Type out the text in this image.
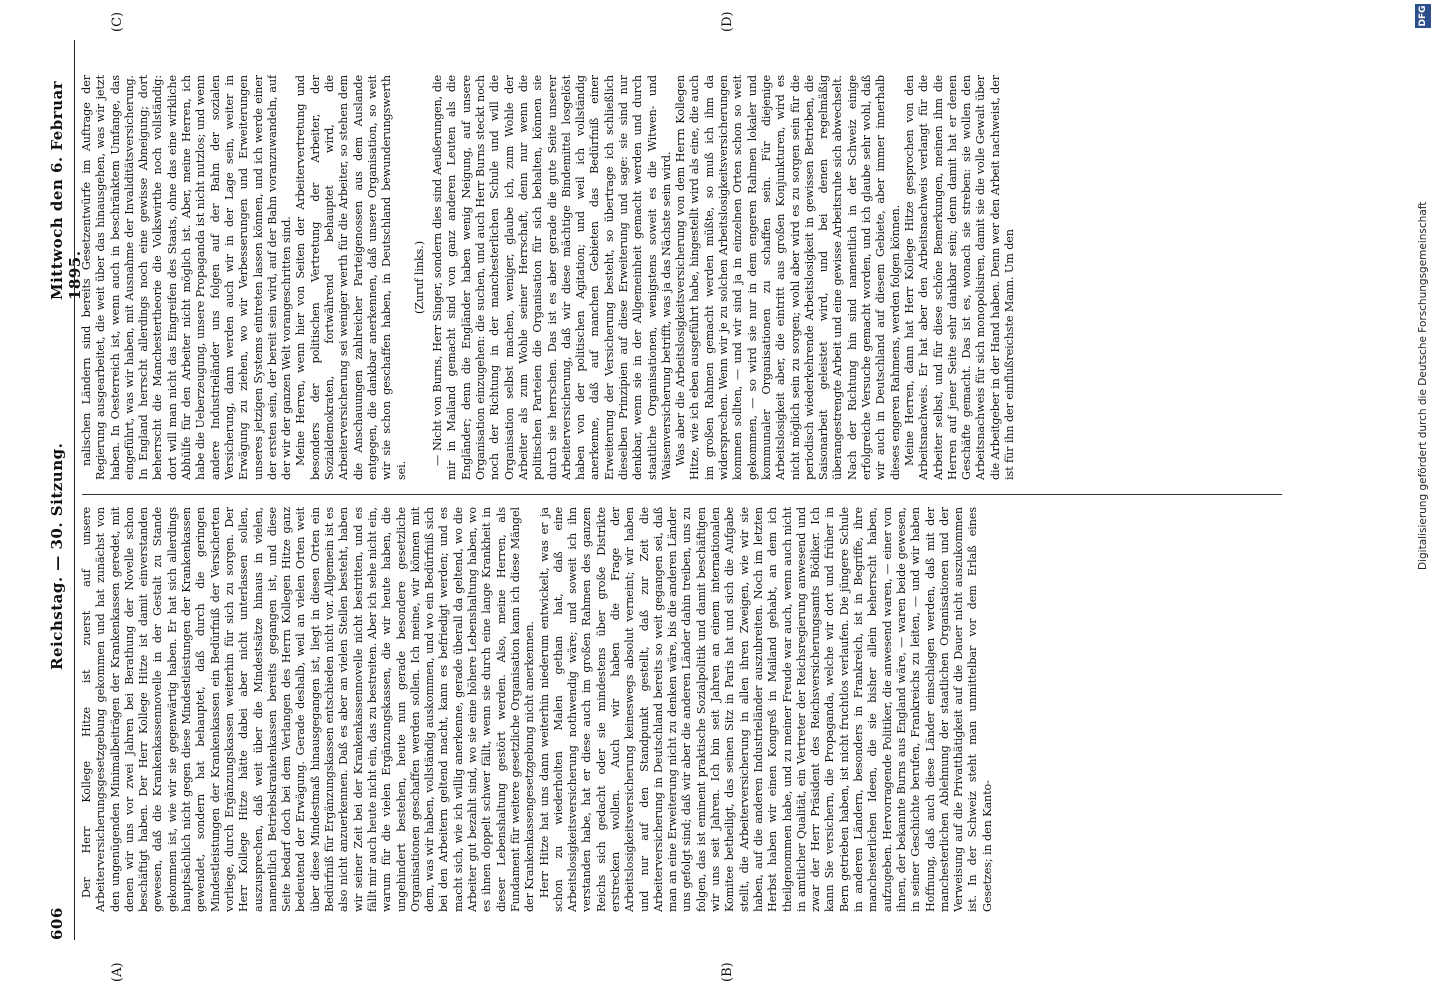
606
Reichstag. — 30. Sitzung.
Mittwoch den 6. Februar 1895.
(A)	(B)
(C)	(D)

Der Herr Kollege Hitze ist zuerst auf unsere Arbeiterversicherungsgesetzgebung gekommen und hat zunächst von den ungenügenden Minimalbeiträgen der Krankenkassen geredet, mit denen wir uns vor zwei Jahren bei Berathung der Novelle schon beschäftigt haben. Der Herr Kollege Hitze ist damit einverstanden gewesen, daß die Krankenkassennovelle in der Gestalt zu Stande gekommen ist, wie wir sie gegenwärtig haben. Er hat sich allerdings hauptsächlich nicht gegen diese Mindestleistungen der Krankenkassen gewendet, sondern hat behauptet, daß durch die geringen Mindestleistungen der Krankenkassen ein Bedürfniß der Versicherten vorliege, durch Ergänzungskassen weiterhin für sich zu sorgen. Der Herr Kollege Hitze hätte dabei aber nicht unterlassen sollen, auszusprechen, daß weit über die Mindestsätze hinaus in vielen, namentlich Betriebskrankenkassen bereits gegangen ist, und diese Seite bedarf doch bei dem Verlangen des Herrn Kollegen Hitze ganz bedeutend der Erwägung. Gerade deshalb, weil an vielen Orten weit über diese Mindestmaß hinausgegangen ist, liegt in diesen Orten ein Bedürfniß für Ergänzungskassen entschieden nicht vor. Allgemein ist es also nicht anzuerkennen. Daß es aber an vielen Stellen besteht, haben wir seiner Zeit bei der Krankenkassennovelle nicht bestritten, und es fällt mir auch heute nicht ein, das zu bestreiten. Aber ich sehe nicht ein, warum für die vielen Ergänzungskassen, die wir heute haben, die ungehindert bestehen, heute nun gerade besondere gesetzliche Organisationen geschaffen werden sollen. Ich meine, wir können mit dem, was wir haben, vollständig auskommen, und wo ein Bedürfniß sich bei den Arbeitern geltend macht, kann es befriedigt werden; und es macht sich, wie ich willig anerkenne, gerade überall da geltend, wo die Arbeiter gut bezahlt sind, wo sie eine höhere Lebenshaltung haben, wo es ihnen doppelt schwer fällt, wenn sie durch eine lange Krankheit in dieser Lebenshaltung gestört werden. Also, meine Herren, als Fundament für weitere gesetzliche Organisation kann ich diese Mängel der Krankenkassengesetzgebung nicht anerkennen. Herr Hitze hat uns dann weiterhin niederum entwickelt, was er ja schon zu wiederholten Malen gethan hat, daß eine Arbeitslosigkeitsversicherung nothwendig wäre; und soweit ich ihn verstanden habe, hat er diese auch im großen Rahmen des ganzen Reichs sich gedacht oder sie mindestens über große Distrikte erstrecken wollen. Auch wir haben die Frage der Arbeitslosigkeitsversicherung keineswegs absolut verneint; wir haben und nur auf den Standpunkt gestellt, daß zur Zeit die Arbeiterversicherung in Deutschland bereits so weit gegangen sei, daß man an eine Erweiterung nicht zu denken wäre, bis die anderen Länder uns gefolgt sind; daß wir aber die anderen Länder dahin treiben, uns zu folgen, das ist eminent praktische Sozialpolitik und damit beschäftigen wir uns seit Jahren. Ich bin seit Jahren an einem internationalen Komitee betheiligt, das seinen Sitz in Paris hat und sich die Aufgabe stellt, die Arbeiterversicherung in allen ihren Zweigen, wie wir sie haben, auf die anderen Industrieländer auszubreiten. Noch im letzten Herbst haben wir einen Kongreß in Mailand gehabt, an dem ich theilgenommen habe, und zu meiner Freude war auch, wenn auch nicht in amtlicher Qualität, ein Vertreter der Reichsregierung anwesend und zwar der Herr Präsident des Reichsversicherungsamts Bödiker. Ich kann Sie versichern, die Propaganda, welche wir dort und früher in Bern getrieben haben, ist nicht fruchtlos verlaufen. Die jüngere Schule in anderen Ländern, besonders in Frankreich, ist in Begriffe, ihre manchesterlichen Ideen, die sie bisher allein beherrscht haben, aufzugeben. Hervorragende Politiker, die anwesend waren, — einer von ihnen, der bekannte Burns aus England wäre, — waren beide gewesen, in seiner Geschichte berufen, Frankreichs zu leiten, — und wir haben Hoffnung, daß auch diese Länder einschlagen werden, daß mit der manchesterlichen Ablehnung der staatlichen Organisationen und der Verweisung auf die Privatthätigkeit auf die Dauer nicht auszukommen ist. In der Schweiz steht man unmittelbar vor dem Erlaß eines Gesetzes; in den Kanto-

nalischen Ländern sind bereits Gesetzentwürfe im Auftrage der Regierung ausgearbeitet, die weit über das hinausgehen, was wir jetzt haben. In Oesterreich ist, wenn auch in beschränktem Umfange, das eingeführt, was wir haben, mit Ausnahme der Invaliditätsversicherung. In England herrscht allerdings noch eine gewisse Abneigung; dort beherrscht die Manchestertheorie die Volkswirthe noch vollständig: dort will man nicht das Eingreifen des Staats, ohne das eine wirkliche Abhülfe für den Arbeiter nicht möglich ist. Aber, meine Herren, ich habe die Ueberzeugung, unsere Propaganda ist nicht nutzlos; und wenn andere Industrieländer uns folgen auf der Bahn der sozialen Versicherung, dann werden auch wir in der Lage sein, weiter in Erwägung zu ziehen, wo wir Verbesserungen und Erweiterungen unseres jetzigen Systems eintreten lassen können, und ich werde einer der ersten sein, der bereit sein wird, auf der Bahn voranzuwandeln, auf der wir der ganzen Welt vorangeschritten sind. Meine Herren, wenn hier von Seiten der Arbeitervertretung und besonders der politischen Vertretung der Arbeiter, der Sozialdemokraten, fortwährend behauptet wird, die Arbeiterversicherung sei weniger werth für die Arbeiter, so stehen dem die Anschauungen zahlreicher Parteigenossen aus dem Auslande entgegen, die dankbar anerkennen, daß unsere Organisation, so weit wir sie schon geschaffen haben, in Deutschland bewunderungswerth sei.

(Zuruf links.) — Nicht von Burns, Herr Singer, sondern dies sind Aeußerungen, die mir in Mailand gemacht sind von ganz anderen Leuten als die Engländer; denn die Engländer haben wenig Neigung, auf unsere Organisation einzugehen: die suchen, und auch Herr Burns steckt noch noch der Richtung in der manchesterlichen Schule und will die Organisation selbst machen, weniger, glaube ich, zum Wohle der Arbeiter als zum Wohle seiner Herrschaft, denn nur wenn die politischen Parteien die Organisation für sich behalten, können sie durch sie herrschen. Das ist es aber gerade die gute Seite unserer Arbeiterversicherung, daß wir diese mächtige Bindemittel losgelöst haben von der politischen Agitation; und weil ich vollständig anerkenne, daß auf manchen Gebieten das Bedürfniß einer Erweiterung der Versicherung besteht, so übertrage ich schließlich dieselben Prinzipien auf diese Erweiterung und sage: sie sind nur denkbar, wenn sie in der Allgemeinheit gemacht werden und durch staatliche Organisationen, wenigstens soweit es die Witwen- und Waisenversicherung betrifft, was ja das Nächste sein wird. Was aber die Arbeitslosigkeitsversicherung von dem Herrn Kollegen Hitze, wie ich eben ausgeführt habe, hingestellt wird als eine, die auch im großen Rahmen gemacht werden müßte, so muß ich ihm da widersprechen. Wenn wir je zu solchen Arbeitslosigkeitsversicherungen kommen sollten, — und wir sind ja in einzelnen Orten schon so weit gekommen, — so wird sie nur in dem engeren Rahmen lokaler und kommunaler Organisationen zu schaffen sein. Für diejenige Arbeitslosigkeit aber, die eintritt aus großen Konjunkturen, wird es nicht möglich sein zu sorgen; wohl aber wird es zu sorgen sein für die periodisch wiederkehrende Arbeitslosigkeit in gewissen Betrieben, die Saisonarbeit geleistet wird, und bei denen regelmäßig überangestrengte Arbeit und eine gewisse Arbeitsruhe sich abwechselt. Nach der Richtung hin sind namentlich in der Schweiz einige erfolgreiche Versuche gemacht worden, und ich glaube sehr wohl, daß wir auch in Deutschland auf diesem Gebiete, aber immer innerhalb dieses engeren Rahmens, werden folgen können. Meine Herren, dann hat Herr Kollege Hitze gesprochen von den Arbeitsnachweis. Er hat aber den Arbeitsnachweis verlangt für die Arbeiter selbst, und für diese schöne Bemerkungen, meinen ihm die Herren auf jener Seite sehr dankbar sein; denn damit hat er denen Geschäfte gemacht. Das ist es, wonach sie streben: sie wollen den Arbeitsnachweis für sich monopolisiren, damit sie die volle Gewalt über die Arbeitgeber in der Hand haben. Denn wer den Arbeit nachweist, der ist für ihn der einflußreichste Mann. Um den	Digitalisierung gefördert durch die Deutsche Forschungsgemeinschaft
DFG
